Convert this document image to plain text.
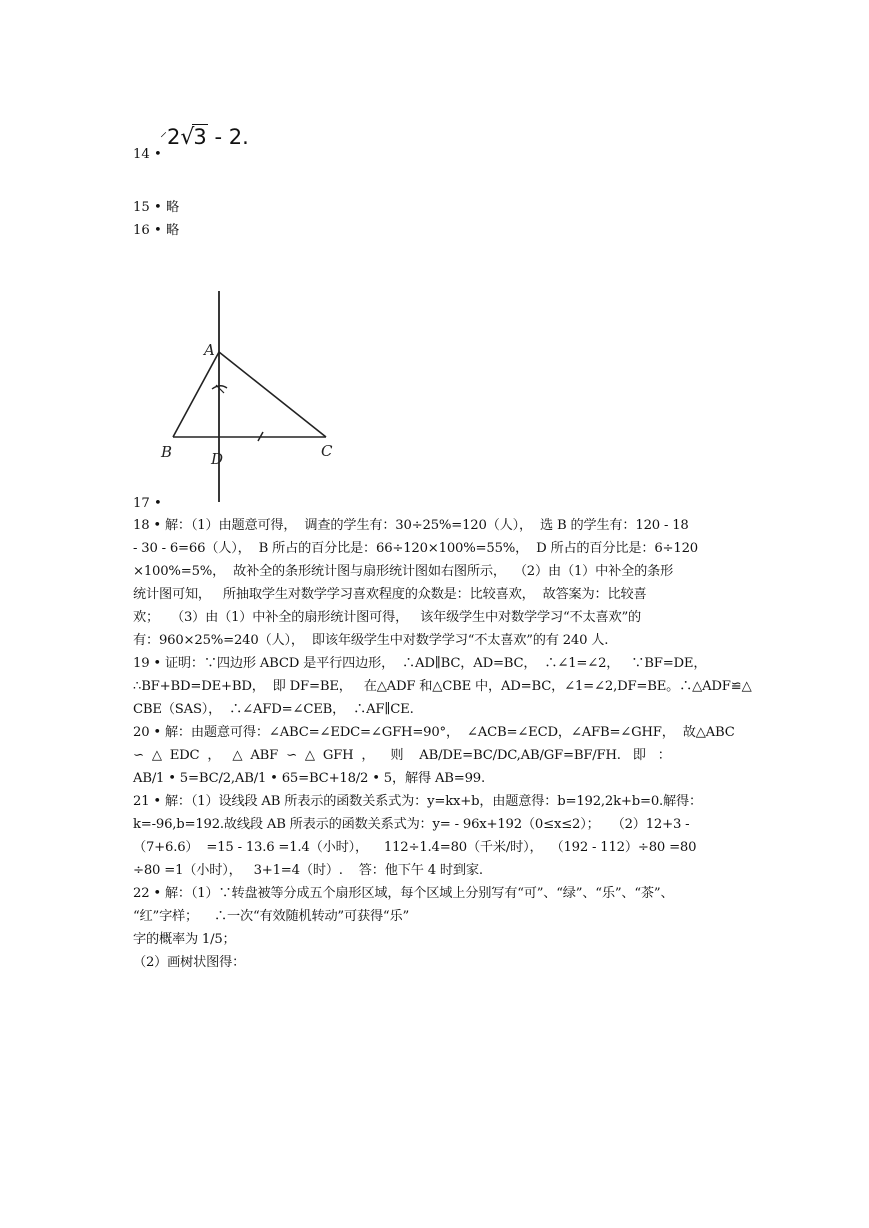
⸍2√3 - 2.
14 •
15 • 略
16 • 略
A
B	C
D
17 •
18 • 解：（1）由题意可得，  调查的学生有：30÷25%=120（人），  选 B 的学生有：120 - 18
- 30 - 6=66（人），  B 所占的百分比是：66÷120×100%=55%，  D 所占的百分比是：6÷120
×100%=5%，  故补全的条形统计图与扇形统计图如右图所示，  （2）由（1）中补全的条形
统计图可知，   所抽取学生对数学学习喜欢程度的众数是：比较喜欢，  故答案为：比较喜
欢；   （3）由（1）中补全的扇形统计图可得，   该年级学生中对数学学习“不太喜欢”的
有：960×25%=240（人），  即该年级学生中对数学学习“不太喜欢”的有 240 人.
19 • 证明：∵四边形 ABCD 是平行四边形，  ∴AD∥BC，AD=BC，  ∴∠1=∠2，   ∵BF=DE，
∴BF+BD=DE+BD，  即 DF=BE，   在△ADF 和△CBE 中，AD=BC，∠1=∠2,DF=BE。∴△ADF≌△
CBE（SAS），  ∴∠AFD=∠CEB，  ∴AF∥CE.
20 • 解：由题意可得：∠ABC=∠EDC=∠GFH=90°，  ∠ACB=∠ECD，∠AFB=∠GHF，  故△ABC
∽  △  EDC  ，   △  ABF  ∽  △  GFH  ，    则    AB/DE=BC/DC,AB/GF=BF/FH.   即   ：
AB/1 • 5=BC/2,AB/1 • 65=BC+18/2 • 5，解得 AB=99.
21 • 解：（1）设线段 AB 所表示的函数关系式为：y=kx+b，由题意得：b=192,2k+b=0.解得：
k=-96,b=192.故线段 AB 所表示的函数关系式为：y= - 96x+192（0≤x≤2）；   （2）12+3 -
（7+6.6）  =15 - 13.6 =1.4（小时），    112÷1.4=80（千米/时），  （192 - 112）÷80 =80
÷80 =1（小时），   3+1=4（时）.    答：他下午 4 时到家.
22 • 解：（1）∵转盘被等分成五个扇形区域，每个区域上分别写有“可”、“绿”、“乐”、“茶”、
“红”字样；    ∴一次“有效随机转动”可获得“乐”
字的概率为 1/5；
（2）画树状图得：
